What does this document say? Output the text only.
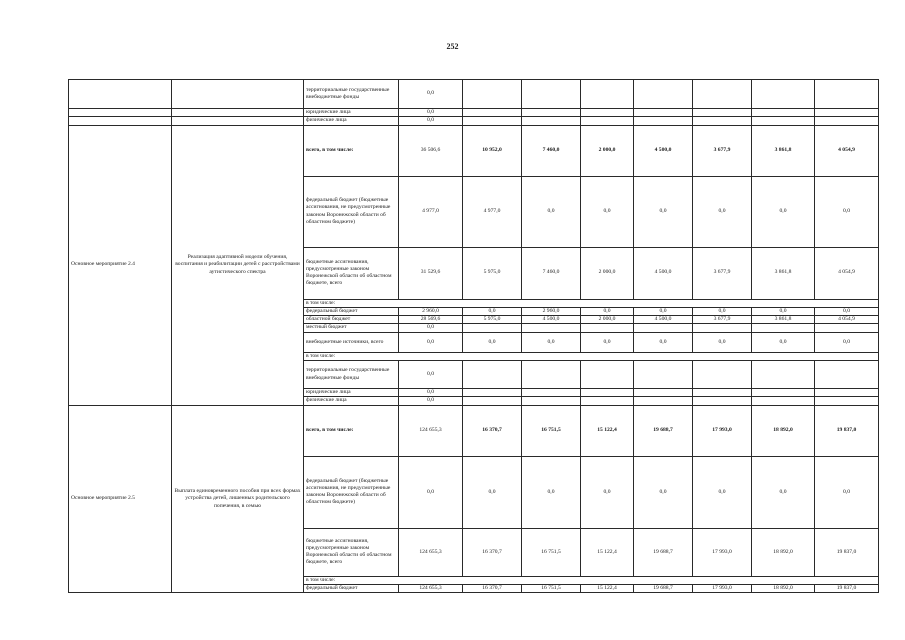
252
		территориальные государственные внебюджетные фонды	0,0							
		юридические лица	0,0							
		физические лица	0,0							
Основное мероприятие 2.4	Реализация адаптивной модели обучения, воспитания и реабилитации детей с расстройствами аутистического спектра	всего, в том числе:	36 506,6	10 952,0	7 460,0	2 000,0	4 500,0	3 677,9	3 861,8	4 054,9
		федеральный бюджет (бюджетные ассигнования, не предусмотренные законом Воронежской области об областном бюджете)	4 977,0	4 977,0	0,0	0,0	0,0	0,0	0,0	0,0
		бюджетные ассигнования, предусмотренные законом Воронежской области об областном бюджете, всего	31 529,6	5 975,0	7 460,0	2 000,0	4 500,0	3 677,9	3 861,8	4 054,9
		в том числе:								
		федеральный бюджет	2 960,0	0,0	2 960,0	0,0	0,0	0,0	0,0	0,0
		областной бюджет	28 569,6	5 975,0	4 500,0	2 000,0	4 500,0	3 677,9	3 861,8	4 054,9
		местный бюджет	0,0							
		внебюджетные источники, всего	0,0	0,0	0,0	0,0	0,0	0,0	0,0	0,0
		в том числе:								
		территориальные государственные внебюджетные фонды	0,0							
		юридические лица	0,0							
		физические лица	0,0							
Основное мероприятие 2.5	Выплата единовременного пособия при всех формах устройства детей, лишенных родительского попечения, в семью	всего, в том числе:	124 655,3	16 370,7	16 751,5	15 122,4	19 688,7	17 993,0	18 892,0	19 837,0
		федеральный бюджет (бюджетные ассигнования, не предусмотренные законом Воронежской области об областном бюджете)	0,0	0,0	0,0	0,0	0,0	0,0	0,0	0,0
		бюджетные ассигнования, предусмотренные законом Воронежской области об областном бюджете, всего	124 655,3	16 370,7	16 751,5	15 122,4	19 688,7	17 993,0	18 892,0	19 837,0
		в том числе:								
		федеральный бюджет	124 655,3	16 370,7	16 751,5	15 122,4	19 688,7	17 993,0	18 892,0	19 837,0
